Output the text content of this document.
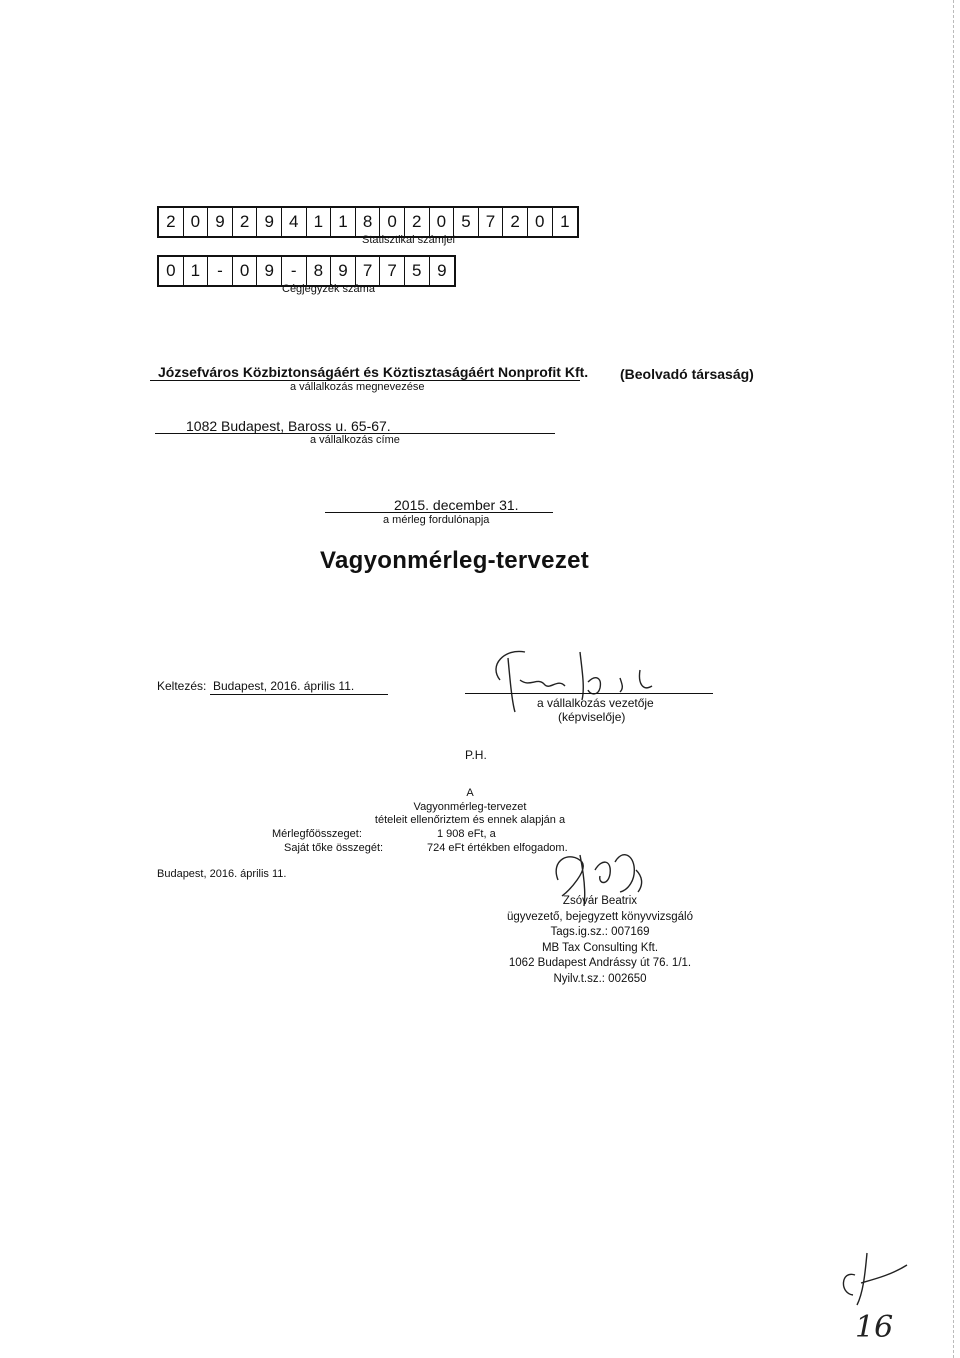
2 0 9 2 9 4 1 1 8 0 2 0 5 7 2 0 1
Statisztikai számjel
0 1	-	0 9	-	8 9 7 7 5 9
Cégjegyzék száma
Józsefváros Közbiztonságáért és Köztisztaságáért Nonprofit Kft.
a vállalkozás megnevezése
(Beolvadó társaság)
1082 Budapest, Baross u. 65-67.
a vállalkozás címe
2015. december 31.
a mérleg fordulónapja
Vagyonmérleg-tervezet
Keltezés: Budapest, 2016. április 11.
a vállalkozás vezetője
(képviselője)
P.H.
A
Vagyonmérleg-tervezet
tételeit ellenőriztem és ennek alapján a
Mérlegfőösszeget:	1 908 eFt, a
Saját tőke összegét:	724 eFt értékben elfogadom.
Budapest, 2016. április 11.
Zsóvár Beatrix
ügyvezető, bejegyzett könyvvizsgáló
Tags.ig.sz.: 007169
MB Tax Consulting Kft.
1062 Budapest Andrássy út 76. 1/1.
Nyilv.t.sz.: 002650
16
